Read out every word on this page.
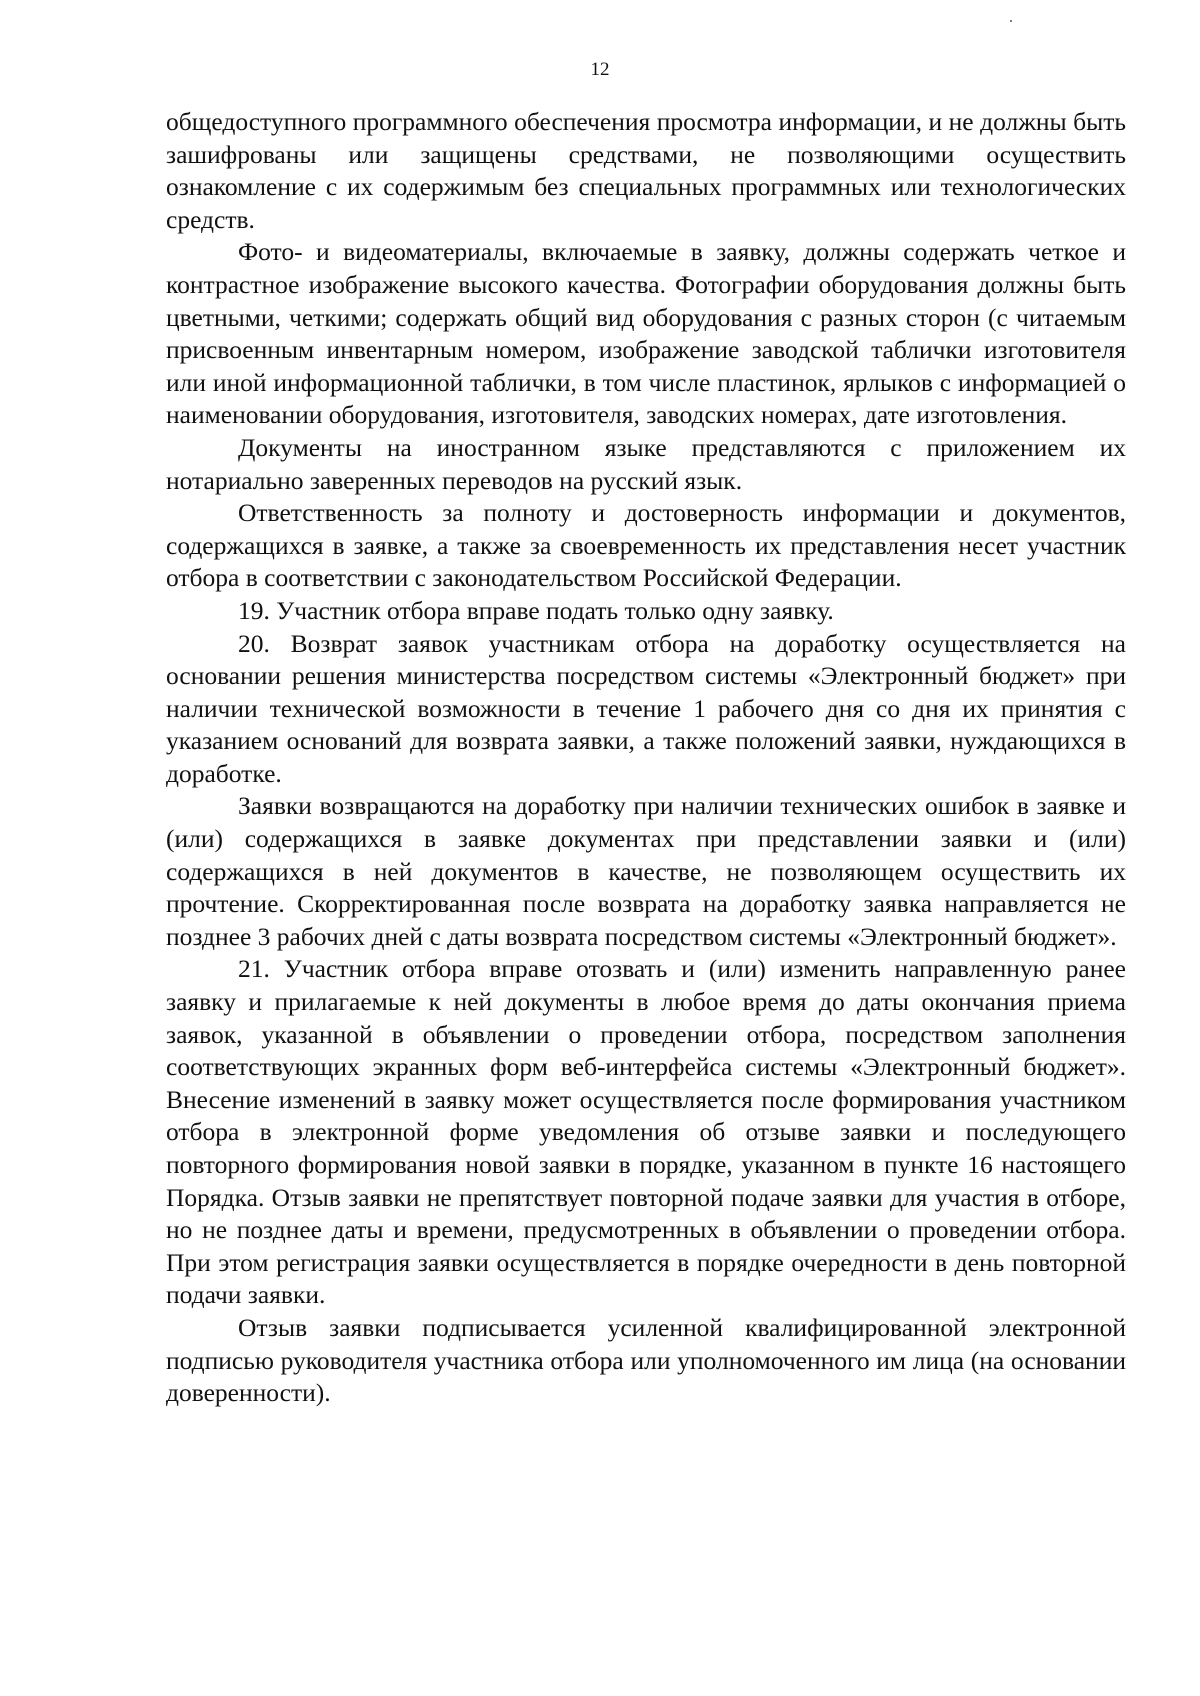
12

общедоступного программного обеспечения просмотра информации, и не должны быть зашифрованы или защищены средствами, не позволяющими осуществить ознакомление с их содержимым без специальных программных или технологических средств.

Фото- и видеоматериалы, включаемые в заявку, должны содержать четкое и контрастное изображение высокого качества. Фотографии оборудования должны быть цветными, четкими; содержать общий вид оборудования с разных сторон (с читаемым присвоенным инвентарным номером, изображение заводской таблички изготовителя или иной информационной таблички, в том числе пластинок, ярлыков с информацией о наименовании оборудования, изготовителя, заводских номерах, дате изготовления.

Документы на иностранном языке представляются с приложением их нотариально заверенных переводов на русский язык.

Ответственность за полноту и достоверность информации и документов, содержащихся в заявке, а также за своевременность их представления несет участник отбора в соответствии с законодательством Российской Федерации.

19. Участник отбора вправе подать только одну заявку.

20. Возврат заявок участникам отбора на доработку осуществляется на основании решения министерства посредством системы «Электронный бюджет» при наличии технической возможности в течение 1 рабочего дня со дня их принятия с указанием оснований для возврата заявки, а также положений заявки, нуждающихся в доработке.

Заявки возвращаются на доработку при наличии технических ошибок в заявке и (или) содержащихся в заявке документах при представлении заявки и (или) содержащихся в ней документов в качестве, не позволяющем осуществить их прочтение. Скорректированная после возврата на доработку заявка направляется не позднее 3 рабочих дней с даты возврата посредством системы «Электронный бюджет».

21. Участник отбора вправе отозвать и (или) изменить направленную ранее заявку и прилагаемые к ней документы в любое время до даты окончания приема заявок, указанной в объявлении о проведении отбора, посредством заполнения соответствующих экранных форм веб-интерфейса системы «Электронный бюджет». Внесение изменений в заявку может осуществляется после формирования участником отбора в электронной форме уведомления об отзыве заявки и последующего повторного формирования новой заявки в порядке, указанном в пункте 16 настоящего Порядка. Отзыв заявки не препятствует повторной подаче заявки для участия в отборе, но не позднее даты и времени, предусмотренных в объявлении о проведении отбора. При этом регистрация заявки осуществляется в порядке очередности в день повторной подачи заявки.

Отзыв заявки подписывается усиленной квалифицированной электронной подписью руководителя участника отбора или уполномоченного им лица (на основании доверенности).
